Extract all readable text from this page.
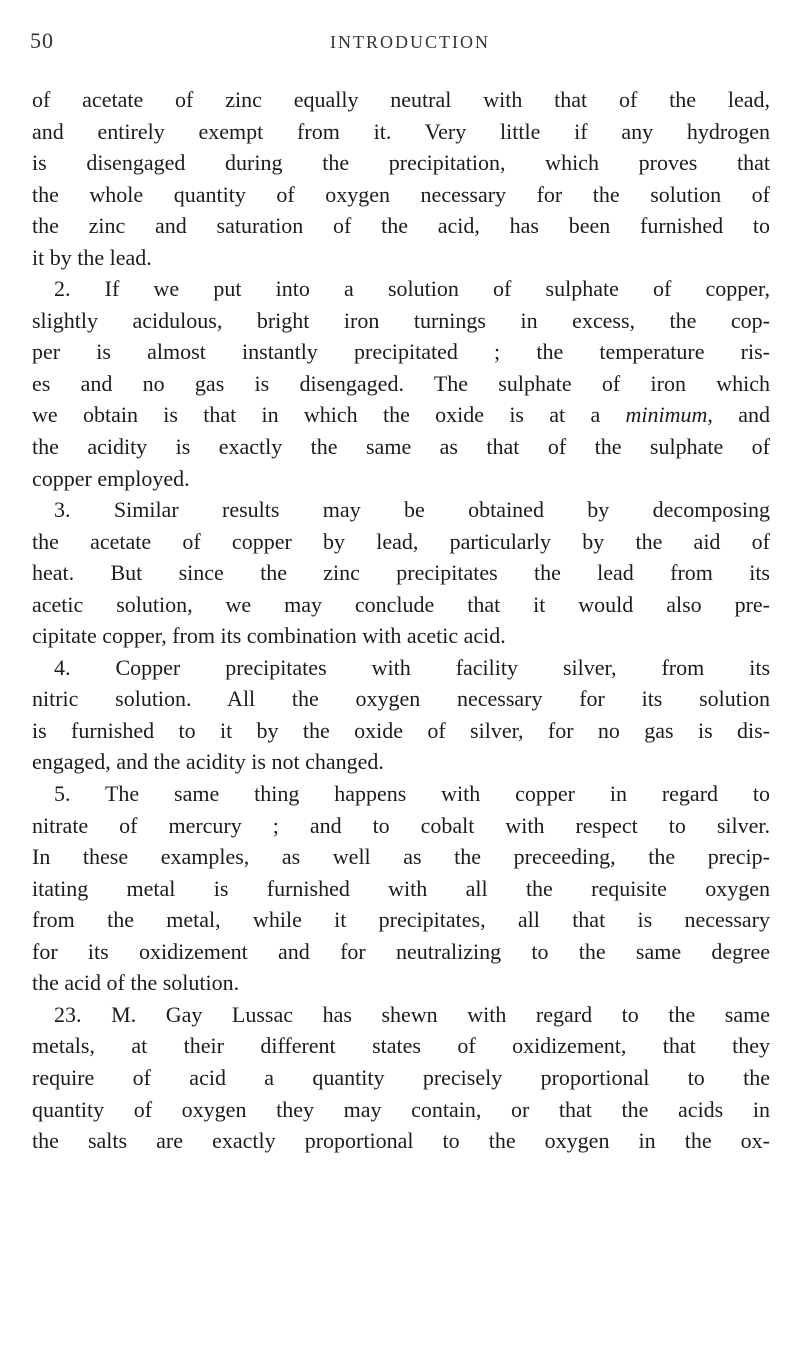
50	INTRODUCTION
of acetate of zinc equally neutral with that of the lead,
and entirely exempt from it. Very little if any hydrogen
is disengaged during the precipitation, which proves that
the whole quantity of oxygen necessary for the solution of
the zinc and saturation of the acid, has been furnished to
it by the lead.
2. If we put into a solution of sulphate of copper,
slightly acidulous, bright iron turnings in excess, the cop-
per is almost instantly precipitated ; the temperature ris-
es and no gas is disengaged. The sulphate of iron which
we obtain is that in which the oxide is at a minimum, and
the acidity is exactly the same as that of the sulphate of
copper employed.
3. Similar results may be obtained by decomposing
the acetate of copper by lead, particularly by the aid of
heat. But since the zinc precipitates the lead from its
acetic solution, we may conclude that it would also pre-
cipitate copper, from its combination with acetic acid.
4. Copper precipitates with facility silver, from its
nitric solution. All the oxygen necessary for its solution
is furnished to it by the oxide of silver, for no gas is dis-
engaged, and the acidity is not changed.
5. The same thing happens with copper in regard to
nitrate of mercury ; and to cobalt with respect to silver.
In these examples, as well as the preceeding, the precip-
itating metal is furnished with all the requisite oxygen
from the metal, while it precipitates, all that is necessary
for its oxidizement and for neutralizing to the same degree
the acid of the solution.
23. M. Gay Lussac has shewn with regard to the same
metals, at their different states of oxidizement, that they
require of acid a quantity precisely proportional to the
quantity of oxygen they may contain, or that the acids in
the salts are exactly proportional to the oxygen in the ox-
